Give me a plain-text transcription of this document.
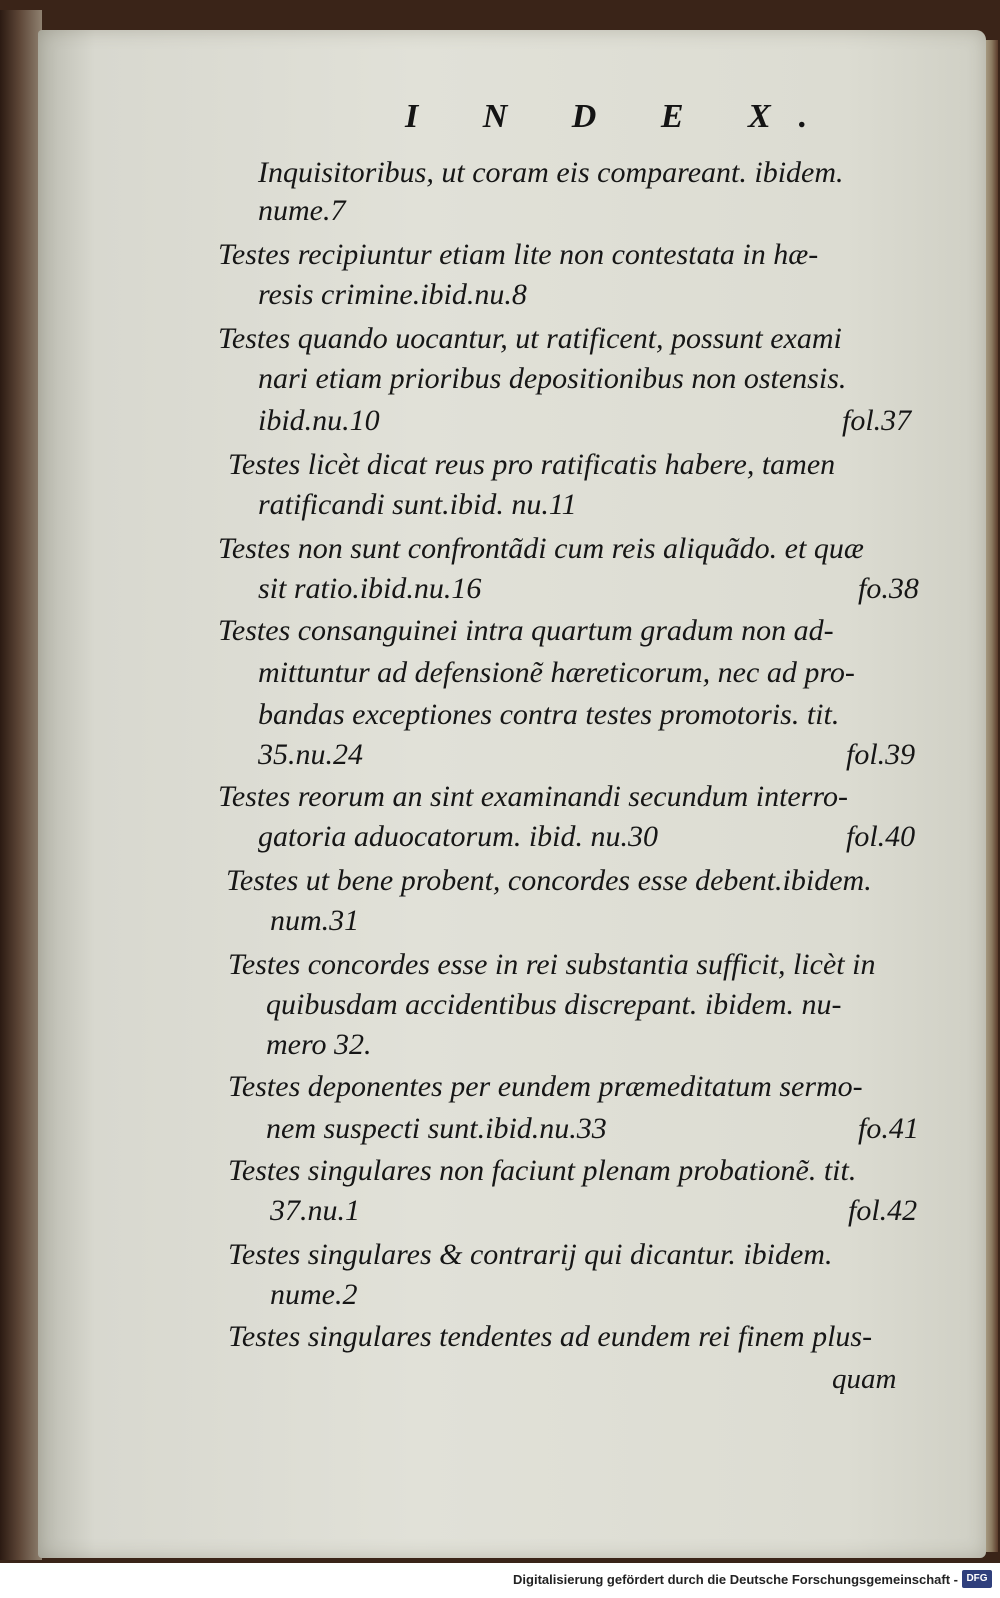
I N D E X.
Inquisitoribus, ut coram eis compareant. ibidem.
nume.7
Testes recipiuntur etiam lite non contestata in hæ-
resis crimine.ibid.nu.8
Testes quando uocantur, ut ratificent, possunt exami
nari etiam prioribus depositionibus non ostensis.
ibid.nu.10	fol.37
Testes licèt dicat reus pro ratificatis habere, tamen
ratificandi sunt.ibid. nu.11
Testes non sunt confrontãdi cum reis aliquãdo. et quæ
sit ratio.ibid.nu.16	fo.38
Testes consanguinei intra quartum gradum non ad-
mittuntur ad defensionẽ hæreticorum, nec ad pro-
bandas exceptiones contra testes promotoris. tit.
35.nu.24	fol.39
Testes reorum an sint examinandi secundum interro-
gatoria aduocatorum. ibid. nu.30	fol.40
Testes ut bene probent, concordes esse debent.ibidem.
num.31
Testes concordes esse in rei substantia sufficit, licèt in
quibusdam accidentibus discrepant. ibidem. nu-
mero 32.
Testes deponentes per eundem præmeditatum sermo-
nem suspecti sunt.ibid.nu.33	fo.41
Testes singulares non faciunt plenam probationẽ. tit.
37.nu.1	fol.42
Testes singulares & contrarij qui dicantur. ibidem.
nume.2
Testes singulares tendentes ad eundem rei finem plus-
quam
Digitalisierung gefördert durch die Deutsche Forschungsgemeinschaft - DFG
